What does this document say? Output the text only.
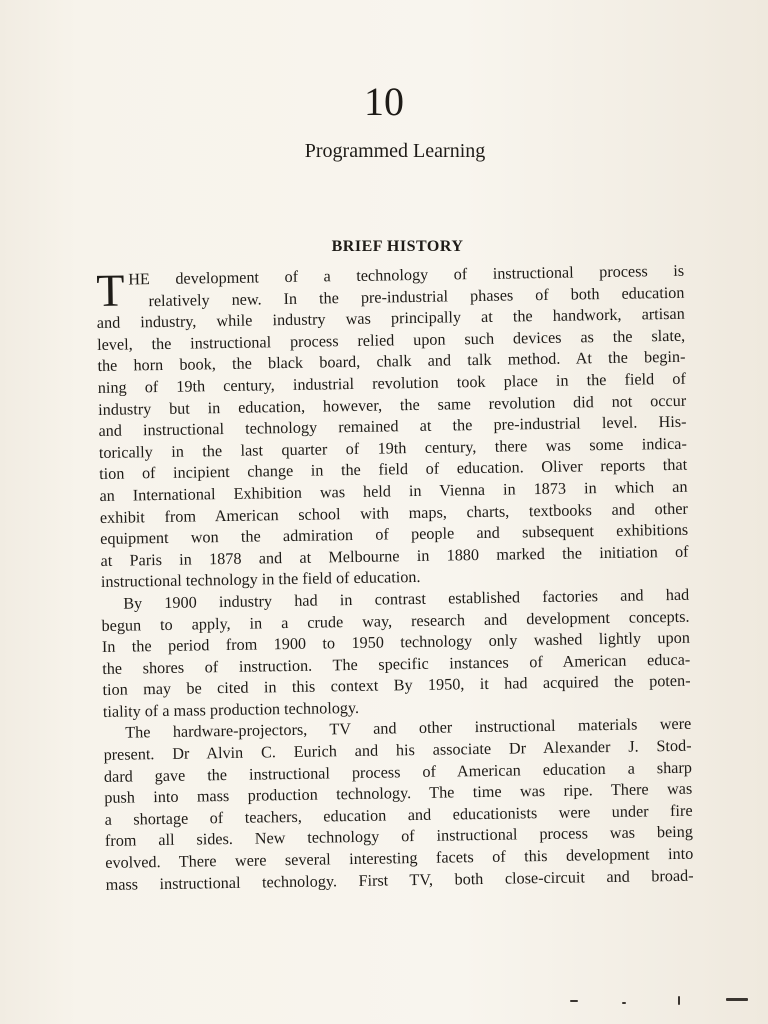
10
Programmed Learning
BRIEF HISTORY
T HE development of a technology of instructional process is
relatively new. In the pre-industrial phases of both education
and industry, while industry was principally at the handwork, artisan
level, the instructional process relied upon such devices as the slate,
the horn book, the black board, chalk and talk method. At the begin-
ning of 19th century, industrial revolution took place in the field of
industry but in education, however, the same revolution did not occur
and instructional technology remained at the pre-industrial level. His-
torically in the last quarter of 19th century, there was some indica-
tion of incipient change in the field of education. Oliver reports that
an International Exhibition was held in Vienna in 1873 in which an
exhibit from American school with maps, charts, textbooks and other
equipment won the admiration of people and subsequent exhibitions
at Paris in 1878 and at Melbourne in 1880 marked the initiation of
instructional technology in the field of education.
By 1900 industry had in contrast established factories and had
begun to apply, in a crude way, research and development concepts.
In the period from 1900 to 1950 technology only washed lightly upon
the shores of instruction. The specific instances of American educa-
tion may be cited in this context By 1950, it had acquired the poten-
tiality of a mass production technology.
The hardware-projectors, TV and other instructional materials were
present. Dr Alvin C. Eurich and his associate Dr Alexander J. Stod-
dard gave the instructional process of American education a sharp
push into mass production technology. The time was ripe. There was
a shortage of teachers, education and educationists were under fire
from all sides. New technology of instructional process was being
evolved. There were several interesting facets of this development into
mass instructional technology. First TV, both close-circuit and broad-
